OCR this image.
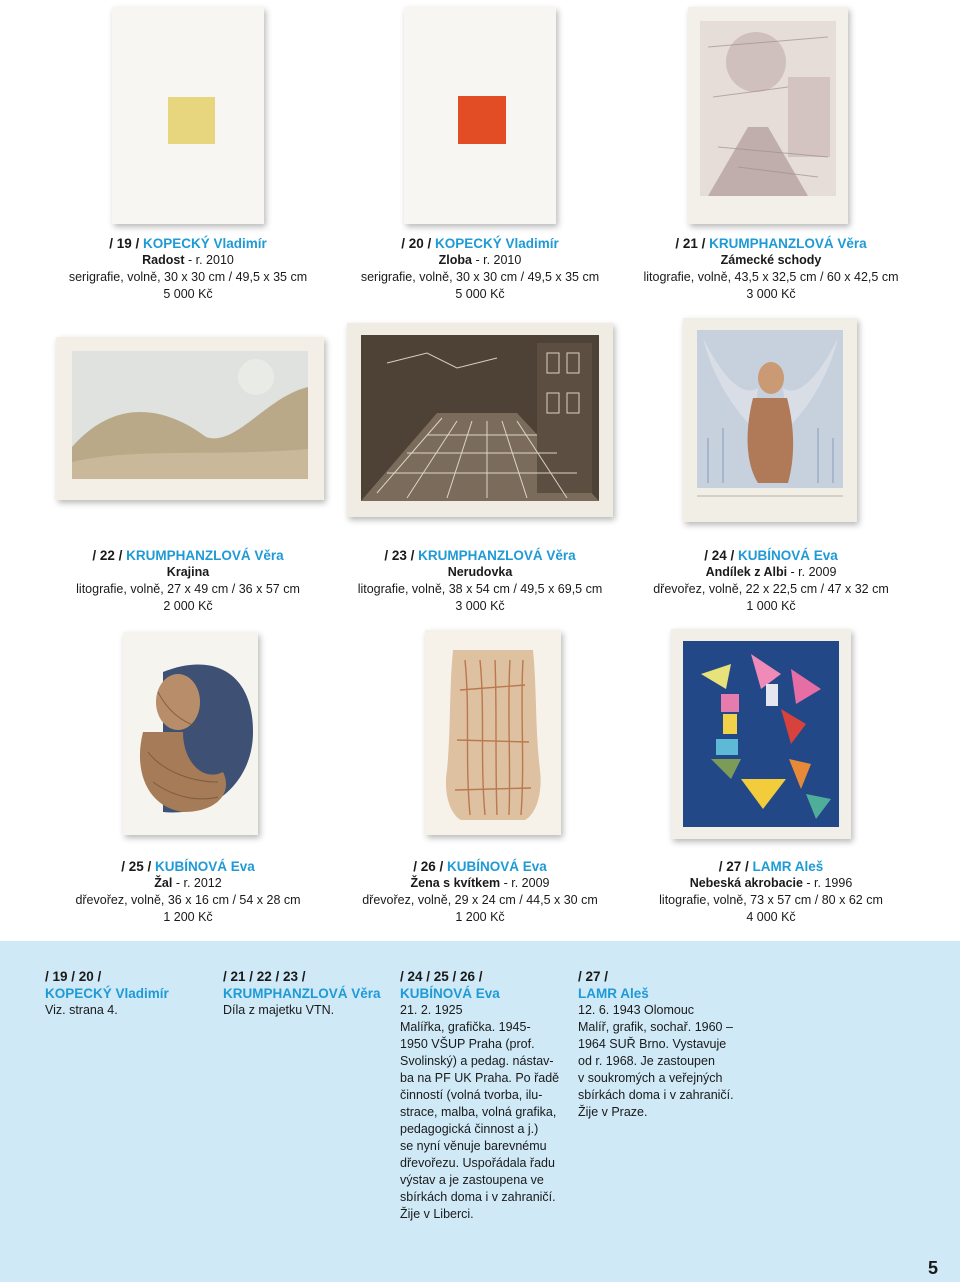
/ 19 / KOPECKÝ Vladimír
Radost - r. 2010
serigrafie, volně, 30 x 30 cm / 49,5 x 35 cm
5 000 Kč
/ 20 / KOPECKÝ Vladimír
Zloba - r. 2010
serigrafie, volně, 30 x 30 cm / 49,5 x 35 cm
5 000 Kč
/ 21 / KRUMPHANZLOVÁ Věra
Zámecké schody
litografie, volně, 43,5 x 32,5 cm / 60 x 42,5 cm
3 000 Kč
/ 22 / KRUMPHANZLOVÁ Věra
Krajina
litografie, volně, 27 x 49 cm / 36 x 57 cm
2 000 Kč
/ 23 / KRUMPHANZLOVÁ Věra
Nerudovka
litografie, volně, 38 x 54 cm / 49,5 x 69,5 cm
3 000 Kč
/ 24 / KUBÍNOVÁ Eva
Andílek z Albi - r. 2009
dřevořez, volně, 22 x 22,5 cm / 47 x 32 cm
1 000 Kč
/ 25 / KUBÍNOVÁ Eva
Žal - r. 2012
dřevořez, volně, 36 x 16 cm / 54 x 28 cm
1 200 Kč
/ 26 / KUBÍNOVÁ Eva
Žena s kvítkem - r. 2009
dřevořez, volně, 29 x 24 cm / 44,5 x 30 cm
1 200 Kč
/ 27 / LAMR Aleš
Nebeská akrobacie - r. 1996
litografie, volně, 73 x 57 cm / 80 x 62 cm
4 000 Kč
/ 19 / 20 /
KOPECKÝ Vladimír
Viz. strana 4.
/ 21 / 22 / 23 /
KRUMPHANZLOVÁ Věra
Díla z majetku VTN.
/ 24 / 25 / 26 /
KUBÍNOVÁ Eva
21. 2. 1925
Malířka, grafička. 1945-
1950 VŠUP Praha (prof.
Svolinský) a pedag. nástav-
ba na PF UK Praha. Po řadě
činností (volná tvorba, ilu-
strace, malba, volná grafika,
pedagogická činnost a j.)
se nyní věnuje barevnému
dřevořezu. Uspořádala řadu
výstav a je zastoupena ve
sbírkách doma i v zahraničí.
Žije v Liberci.
/ 27 /
LAMR Aleš
12. 6. 1943 Olomouc
Malíř, grafik, sochař. 1960 –
1964 SUŘ Brno. Vystavuje
od r. 1968. Je zastoupen
v soukromých a veřejných
sbírkách doma i v zahraničí.
Žije v Praze.
5
